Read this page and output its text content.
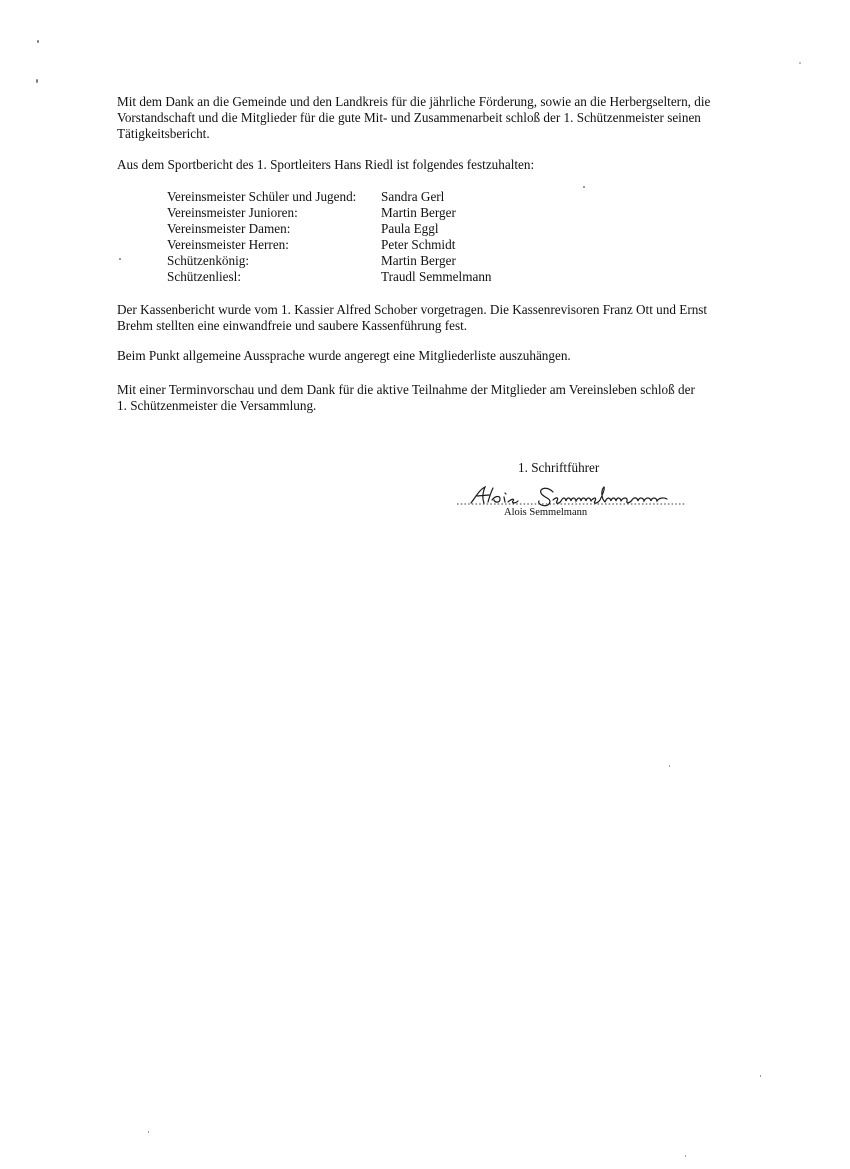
Mit dem Dank an die Gemeinde und den Landkreis für die jährliche Förderung, sowie an die Herbergseltern, die

Vorstandschaft und die Mitglieder für die gute Mit- und Zusammenarbeit schloß der 1. Schützenmeister seinen

Tätigkeitsbericht.

Aus dem Sportbericht des 1. Sportleiters Hans Riedl ist folgendes festzuhalten:

Vereinsmeister Schüler und Jugend:	Sandra Gerl
Vereinsmeister Junioren:	Martin Berger
Vereinsmeister Damen:	Paula Eggl
Vereinsmeister Herren:	Peter Schmidt
Schützenkönig:	Martin Berger
Schützenliesl:	Traudl Semmelmann

Der Kassenbericht wurde vom 1. Kassier Alfred Schober vorgetragen. Die Kassenrevisoren Franz Ott und Ernst

Brehm stellten eine einwandfreie und saubere Kassenführung fest.

Beim Punkt allgemeine Aussprache wurde angeregt eine Mitgliederliste auszuhängen.

Mit einer Terminvorschau und dem Dank für die aktive Teilnahme der Mitglieder am Vereinsleben schloß der

1. Schützenmeister die Versammlung.

1. Schriftführer
Alois Semmelmann
